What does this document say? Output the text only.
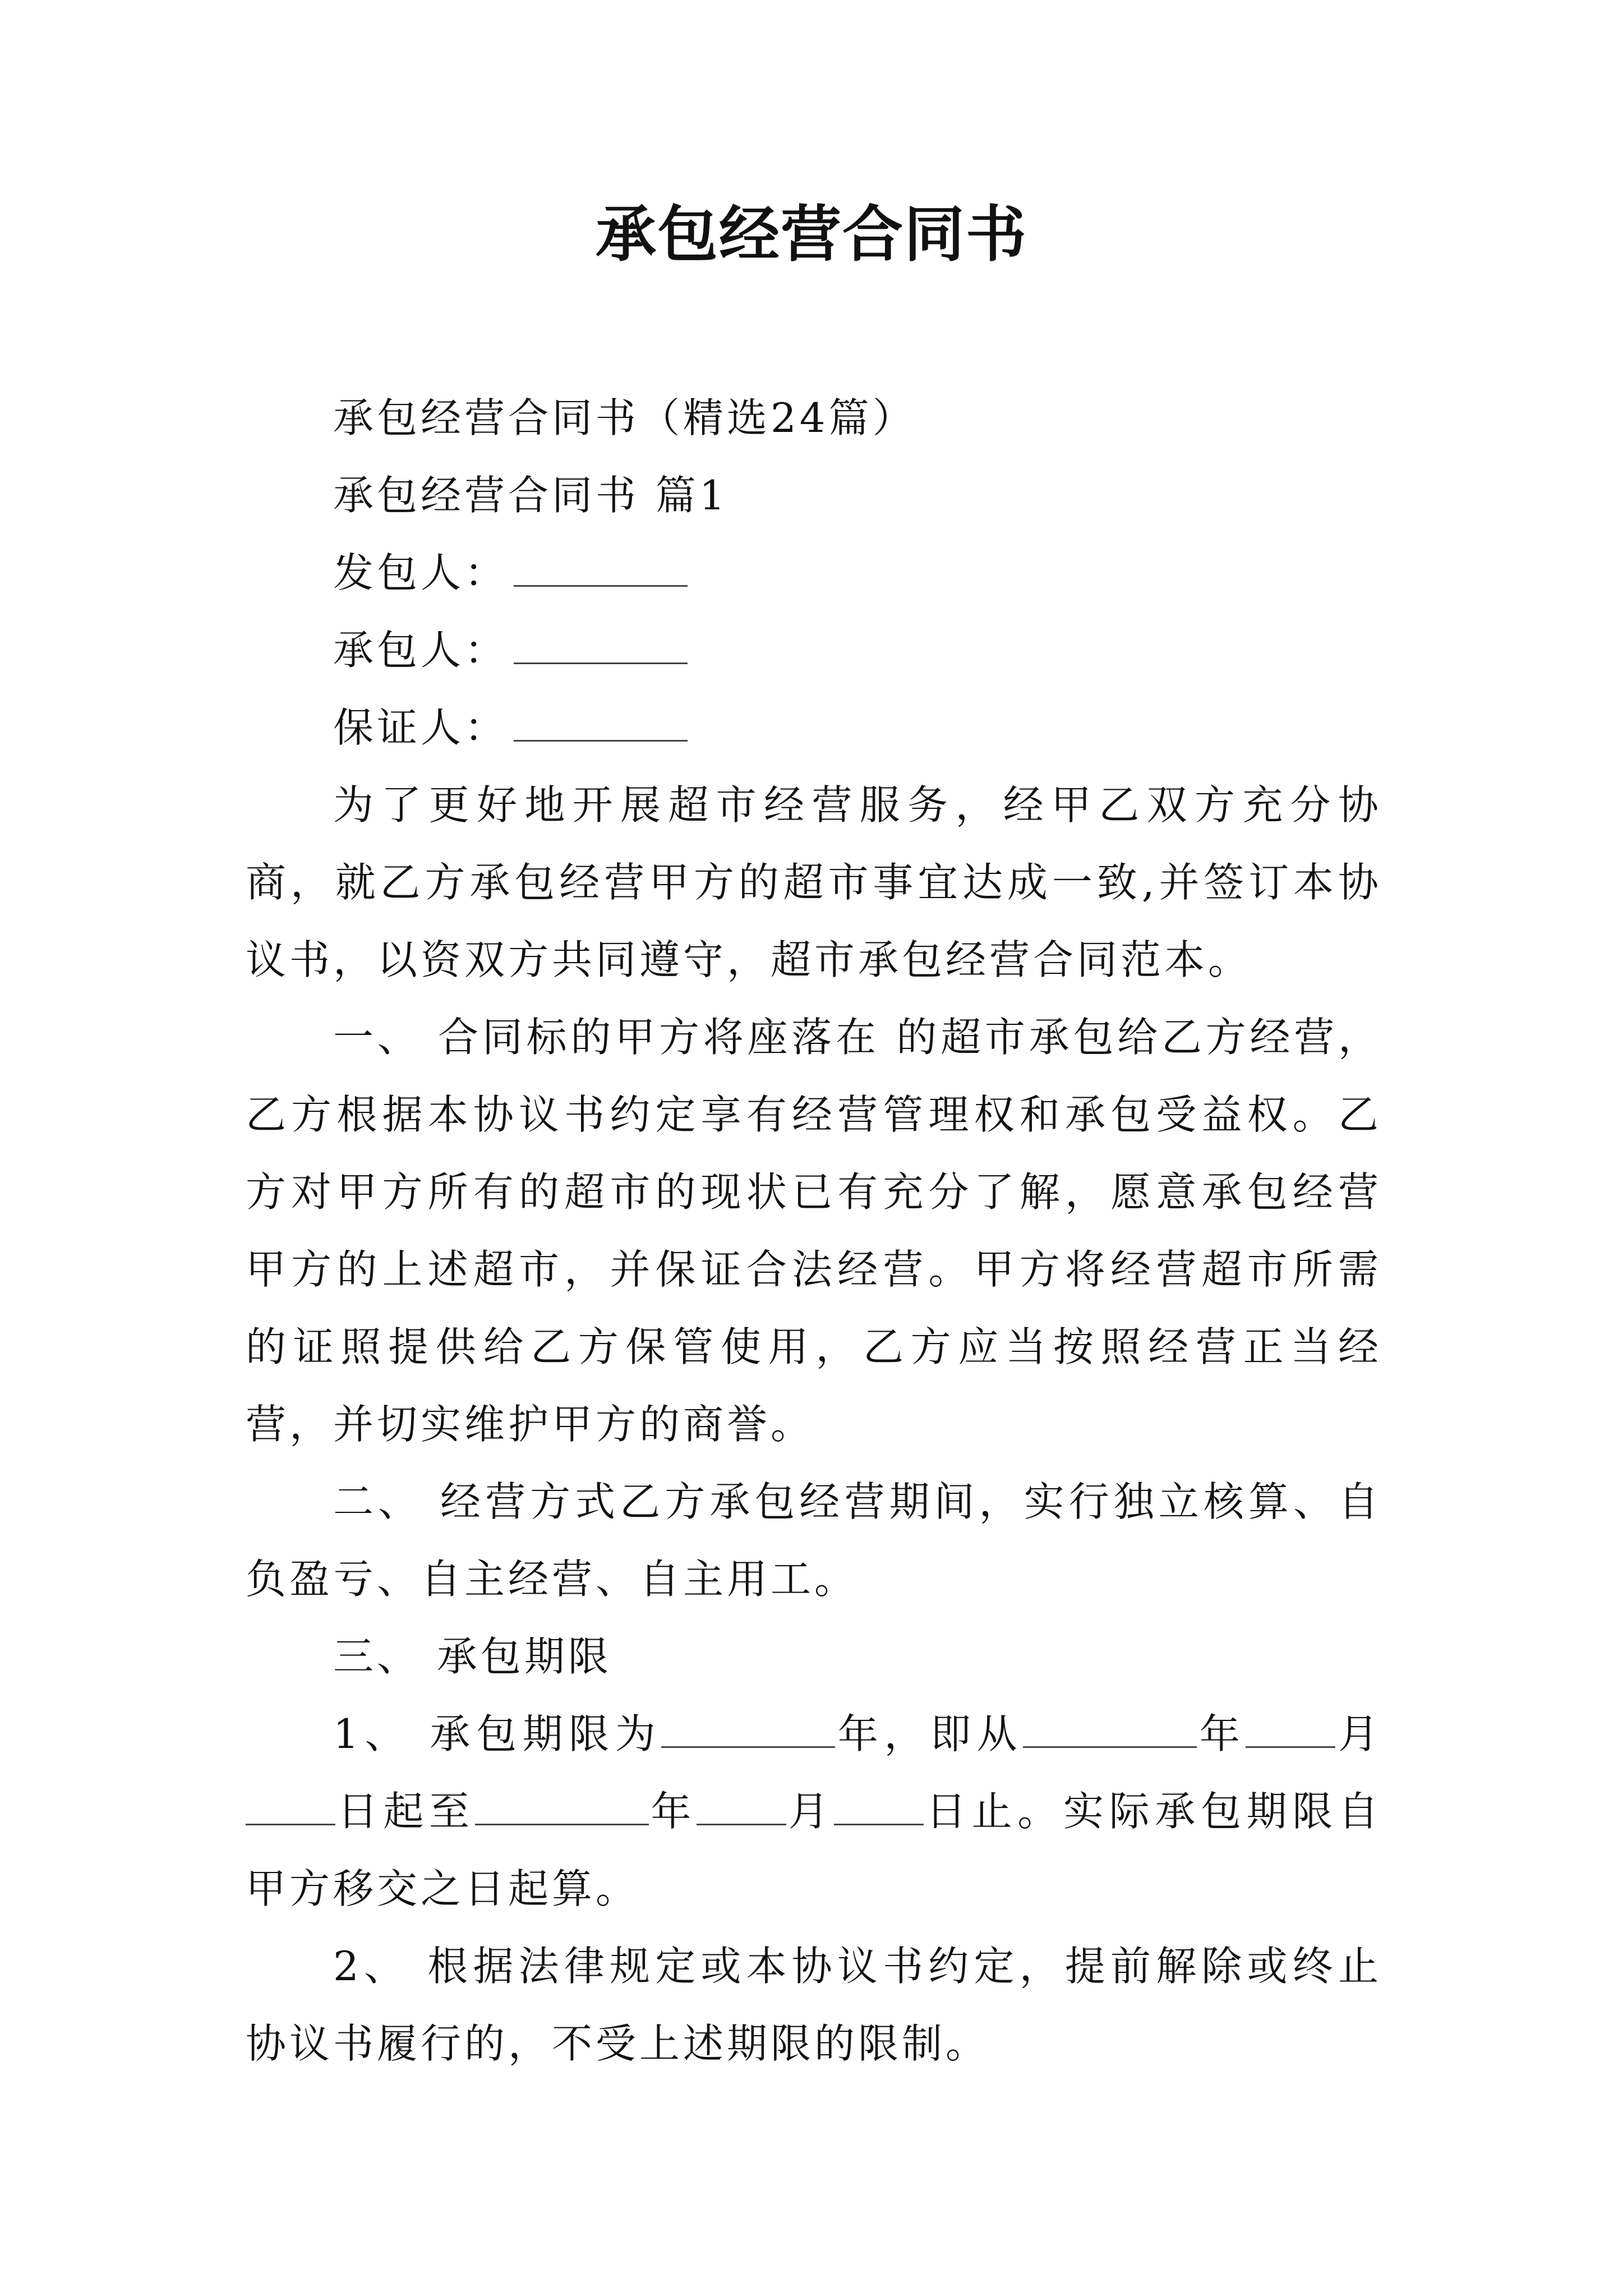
承包经营合同书

承包经营合同书（精选24篇）

承包经营合同书 篇1

发包人：

承包人：

保证人：

为了更好地开展超市经营服务，经甲乙双方充分协商，就乙方承包经营甲方的超市事宜达成一致,并签订本协议书，以资双方共同遵守，超市承包经营合同范本。

一、 合同标的甲方将座落在 的超市承包给乙方经营，乙方根据本协议书约定享有经营管理权和承包受益权。乙方对甲方所有的超市的现状已有充分了解，愿意承包经营甲方的上述超市，并保证合法经营。甲方将经营超市所需的证照提供给乙方保管使用，乙方应当按照经营正当经营，并切实维护甲方的商誉。

二、 经营方式乙方承包经营期间，实行独立核算、自负盈亏、自主经营、自主用工。

三、 承包期限

1、 承包期限为	年，即从	年 月日起至	年 月 日止。实际承包期限自甲方移交之日起算。

2、 根据法律规定或本协议书约定，提前解除或终止协议书履行的，不受上述期限的限制。
